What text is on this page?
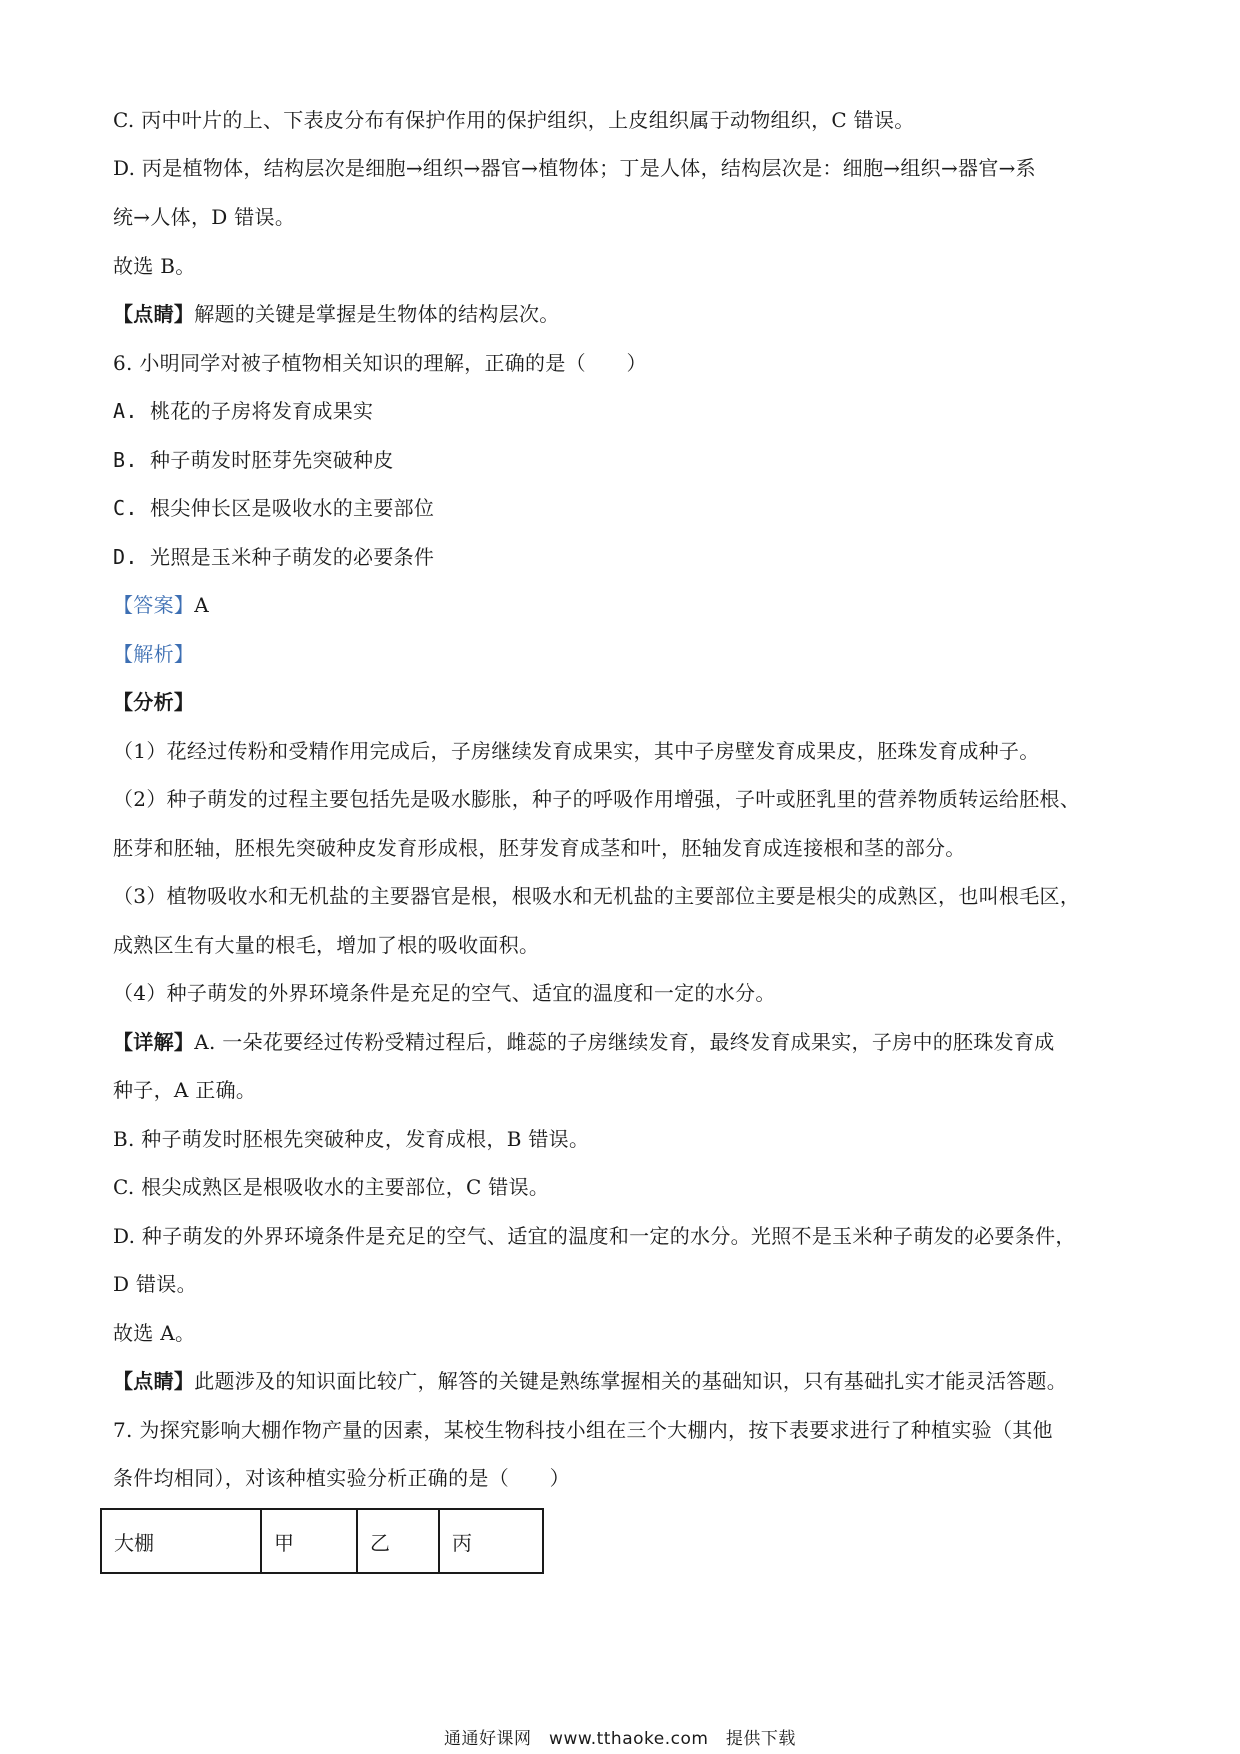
C. 丙中叶片的上、下表皮分布有保护作用的保护组织，上皮组织属于动物组织，C 错误。
D. 丙是植物体，结构层次是细胞→组织→器官→植物体；丁是人体，结构层次是：细胞→组织→器官→系
统→人体，D 错误。
故选 B。
【点睛】解题的关键是掌握是生物体的结构层次。
6. 小明同学对被子植物相关知识的理解，正确的是（　　）
A. 桃花的子房将发育成果实
B. 种子萌发时胚芽先突破种皮
C. 根尖伸长区是吸收水的主要部位
D. 光照是玉米种子萌发的必要条件
【答案】A
【解析】
【分析】
（1）花经过传粉和受精作用完成后，子房继续发育成果实，其中子房壁发育成果皮，胚珠发育成种子。
（2）种子萌发的过程主要包括先是吸水膨胀，种子的呼吸作用增强，子叶或胚乳里的营养物质转运给胚根、
胚芽和胚轴，胚根先突破种皮发育形成根，胚芽发育成茎和叶，胚轴发育成连接根和茎的部分。
（3）植物吸收水和无机盐的主要器官是根，根吸水和无机盐的主要部位主要是根尖的成熟区，也叫根毛区，
成熟区生有大量的根毛，增加了根的吸收面积。
（4）种子萌发的外界环境条件是充足的空气、适宜的温度和一定的水分。
【详解】A. 一朵花要经过传粉受精过程后，雌蕊的子房继续发育，最终发育成果实，子房中的胚珠发育成
种子，A 正确。
B. 种子萌发时胚根先突破种皮，发育成根，B 错误。
C. 根尖成熟区是根吸收水的主要部位，C 错误。
D. 种子萌发的外界环境条件是充足的空气、适宜的温度和一定的水分。光照不是玉米种子萌发的必要条件，
D 错误。
故选 A。
【点睛】此题涉及的知识面比较广，解答的关键是熟练掌握相关的基础知识，只有基础扎实才能灵活答题。
7. 为探究影响大棚作物产量的因素，某校生物科技小组在三个大棚内，按下表要求进行了种植实验（其他
条件均相同），对该种植实验分析正确的是（　　）
大棚	甲	乙	丙
通通好课网　www.tthaoke.com　提供下载
